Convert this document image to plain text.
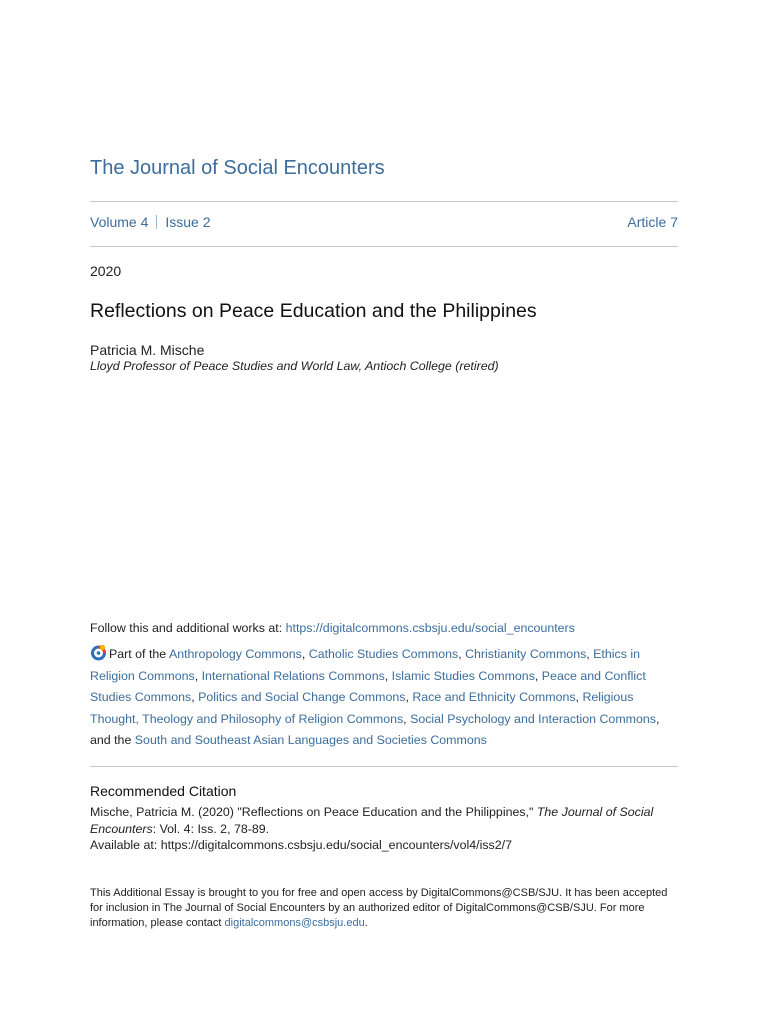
The Journal of Social Encounters
Volume 4 Issue 2	Article 7
2020
Reflections on Peace Education and the Philippines
Patricia M. Mische
Lloyd Professor of Peace Studies and World Law, Antioch College (retired)
Follow this and additional works at: https://digitalcommons.csbsju.edu/social_encounters
Part of the Anthropology Commons, Catholic Studies Commons, Christianity Commons, Ethics in Religion Commons, International Relations Commons, Islamic Studies Commons, Peace and Conflict Studies Commons, Politics and Social Change Commons, Race and Ethnicity Commons, Religious Thought, Theology and Philosophy of Religion Commons, Social Psychology and Interaction Commons, and the South and Southeast Asian Languages and Societies Commons
Recommended Citation
Mische, Patricia M. (2020) "Reflections on Peace Education and the Philippines," The Journal of Social Encounters: Vol. 4: Iss. 2, 78-89.
Available at: https://digitalcommons.csbsju.edu/social_encounters/vol4/iss2/7
This Additional Essay is brought to you for free and open access by DigitalCommons@CSB/SJU. It has been accepted for inclusion in The Journal of Social Encounters by an authorized editor of DigitalCommons@CSB/SJU. For more information, please contact digitalcommons@csbsju.edu.
